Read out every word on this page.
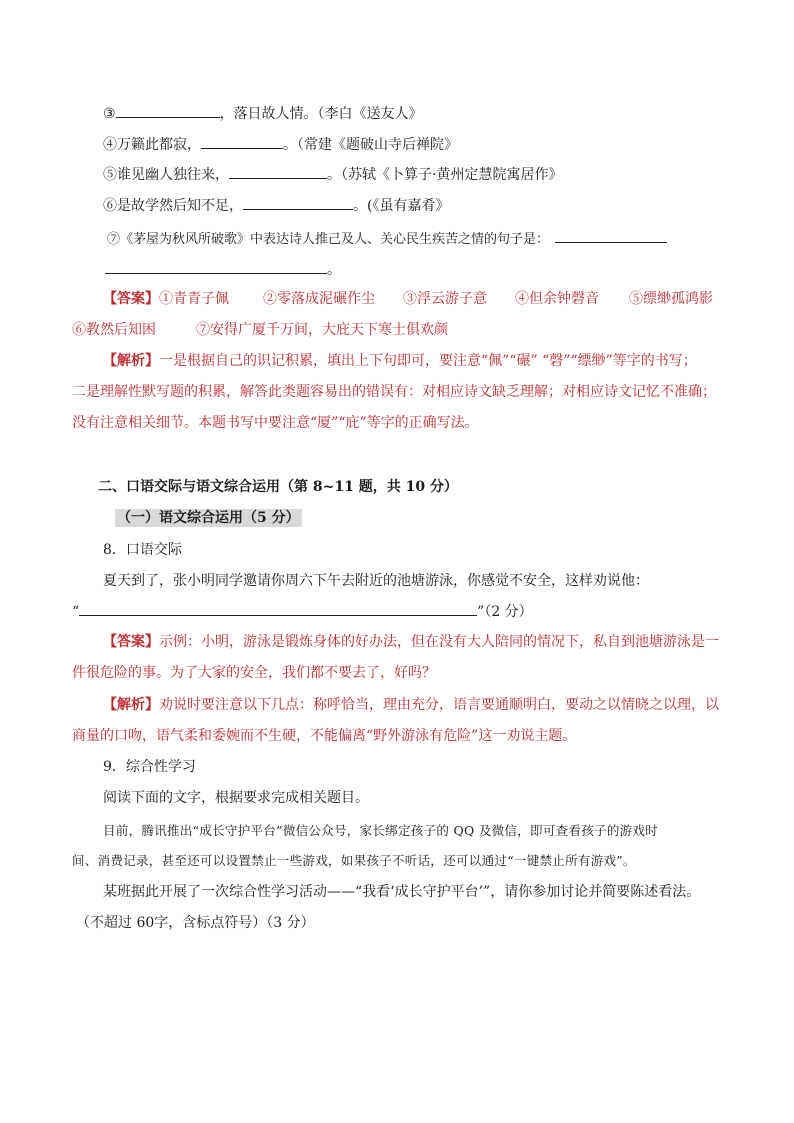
③	，落日故人情。（李白《送友人》
④万籁此都寂，	。（常建《题破山寺后禅院》
⑤谁见幽人独往来，	。（苏轼《卜算子·黄州定慧院寓居作》
⑥是故学然后知不足，	。(《虽有嘉肴》
⑦《茅屋为秋风所破歌》中表达诗人推己及人、关心民生疾苦之情的句子是：
。
【答案】①青青子佩 ②零落成泥碾作尘 ③浮云游子意 ④但余钟磬音 ⑤缥缈孤鸿影
⑥教然后知困	⑦安得广厦千万间，大庇天下寒士俱欢颜
【解析】一是根据自己的识记积累，填出上下句即可，要注意“佩”“碾” “磬”“缥缈”等字的书写；
二是理解性默写题的积累，解答此类题容易出的错误有：对相应诗文缺乏理解；对相应诗文记忆不准确；
没有注意相关细节。本题书写中要注意“厦”“庇”等字的正确写法。
二、口语交际与语文综合运用（第 8~11 题，共 10 分）
（一）语文综合运用（5 分）
8．口语交际
夏天到了，张小明同学邀请你周六下午去附近的池塘游泳，你感觉不安全，这样劝说他：
“	”（2 分）
【答案】示例：小明，游泳是锻炼身体的好办法，但在没有大人陪同的情况下，私自到池塘游泳是一
件很危险的事。为了大家的安全，我们都不要去了，好吗？
【解析】劝说时要注意以下几点：称呼恰当，理由充分，语言要通顺明白，要动之以情晓之以理，以
商量的口吻，语气柔和委婉而不生硬，不能偏离“野外游泳有危险”这一劝说主题。
9．综合性学习
阅读下面的文字，根据要求完成相关题目。
目前，腾讯推出“成长守护平台”微信公众号，家长绑定孩子的 QQ 及微信，即可查看孩子的游戏时
间、消费记录，甚至还可以设置禁止一些游戏，如果孩子不听话，还可以通过“一键禁止所有游戏”。
某班据此开展了一次综合性学习活动——“我看‘成长守护平台’”，请你参加讨论并简要陈述看法。
（不超过 60字，含标点符号）（3 分）
